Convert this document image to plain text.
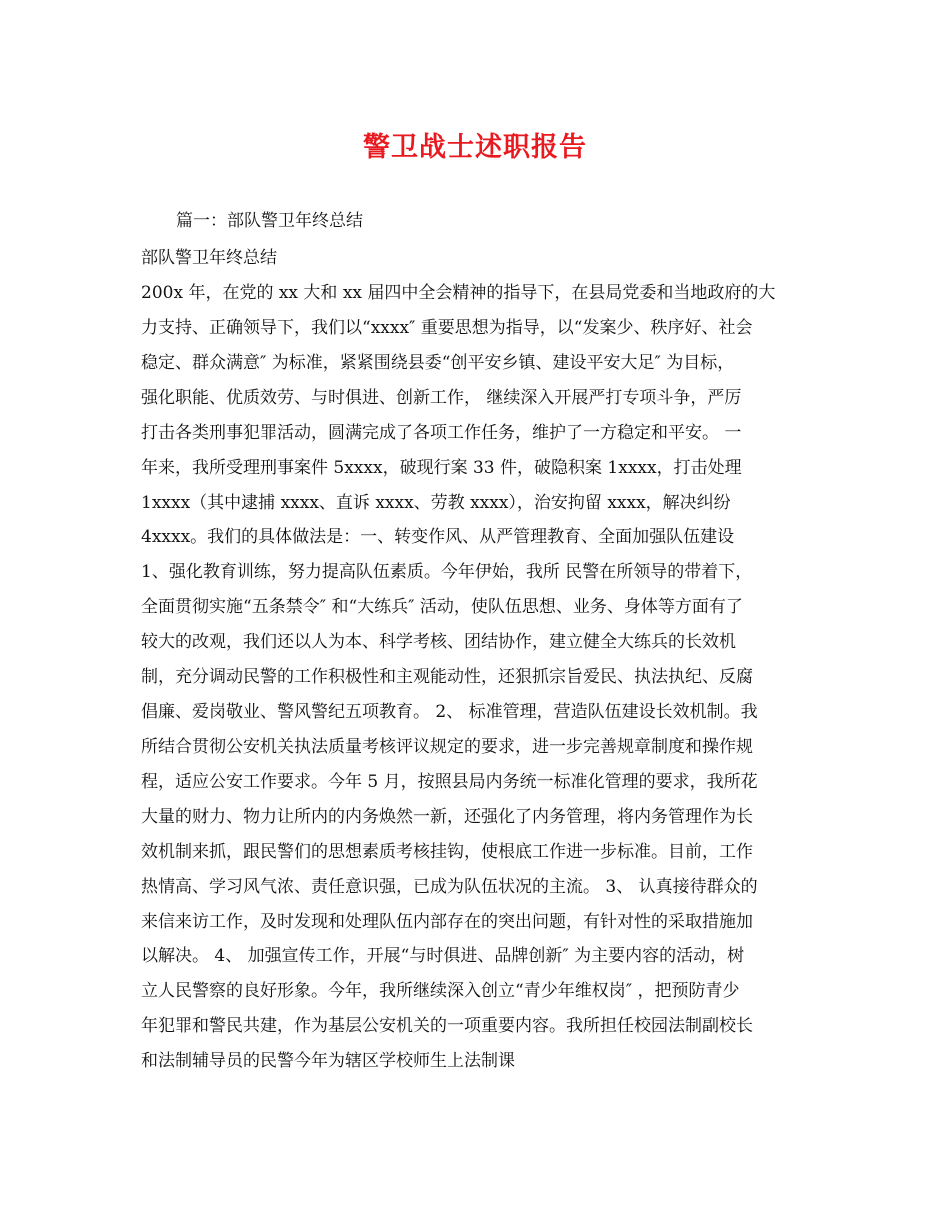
警卫战士述职报告
篇一：部队警卫年终总结
部队警卫年终总结
200x 年，在党的 xx 大和 xx 届四中全会精神的指导下，在县局党委和当地政府的大
力支持、正确领导下，我们以“xxxx″ 重要思想为指导，以“发案少、秩序好、社会
稳定、群众满意″ 为标准，紧紧围绕县委“创平安乡镇、建设平安大足″ 为目标，
强化职能、优质效劳、与时俱进、创新工作， 继续深入开展严打专项斗争，严厉
打击各类刑事犯罪活动，圆满完成了各项工作任务，维护了一方稳定和平安。 一
年来，我所受理刑事案件 5xxxx，破现行案 33 件，破隐积案 1xxxx，打击处理
1xxxx（其中逮捕 xxxx、直诉 xxxx、劳教 xxxx），治安拘留 xxxx，解决纠纷
4xxxx。我们的具体做法是：一、转变作风、从严管理教育、全面加强队伍建设
1、强化教育训练，努力提高队伍素质。今年伊始，我所 民警在所领导的带着下，
全面贯彻实施“五条禁令″ 和“大练兵″ 活动，使队伍思想、业务、身体等方面有了
较大的改观，我们还以人为本、科学考核、团结协作，建立健全大练兵的长效机
制，充分调动民警的工作积极性和主观能动性，还狠抓宗旨爱民、执法执纪、反腐
倡廉、爱岗敬业、警风警纪五项教育。 2、 标准管理，营造队伍建设长效机制。我
所结合贯彻公安机关执法质量考核评议规定的要求，进一步完善规章制度和操作规
程，适应公安工作要求。今年 5 月，按照县局内务统一标准化管理的要求，我所花
大量的财力、物力让所内的内务焕然一新，还强化了内务管理，将内务管理作为长
效机制来抓，跟民警们的思想素质考核挂钩，使根底工作进一步标准。目前，工作
热情高、学习风气浓、责任意识强，已成为队伍状况的主流。 3、 认真接待群众的
来信来访工作，及时发现和处理队伍内部存在的突出问题，有针对性的采取措施加
以解决。 4、 加强宣传工作，开展“与时俱进、品牌创新″ 为主要内容的活动，树
立人民警察的良好形象。今年，我所继续深入创立“青少年维权岗″ ，把预防青少
年犯罪和警民共建，作为基层公安机关的一项重要内容。我所担任校园法制副校长
和法制辅导员的民警今年为辖区学校师生上法制课
